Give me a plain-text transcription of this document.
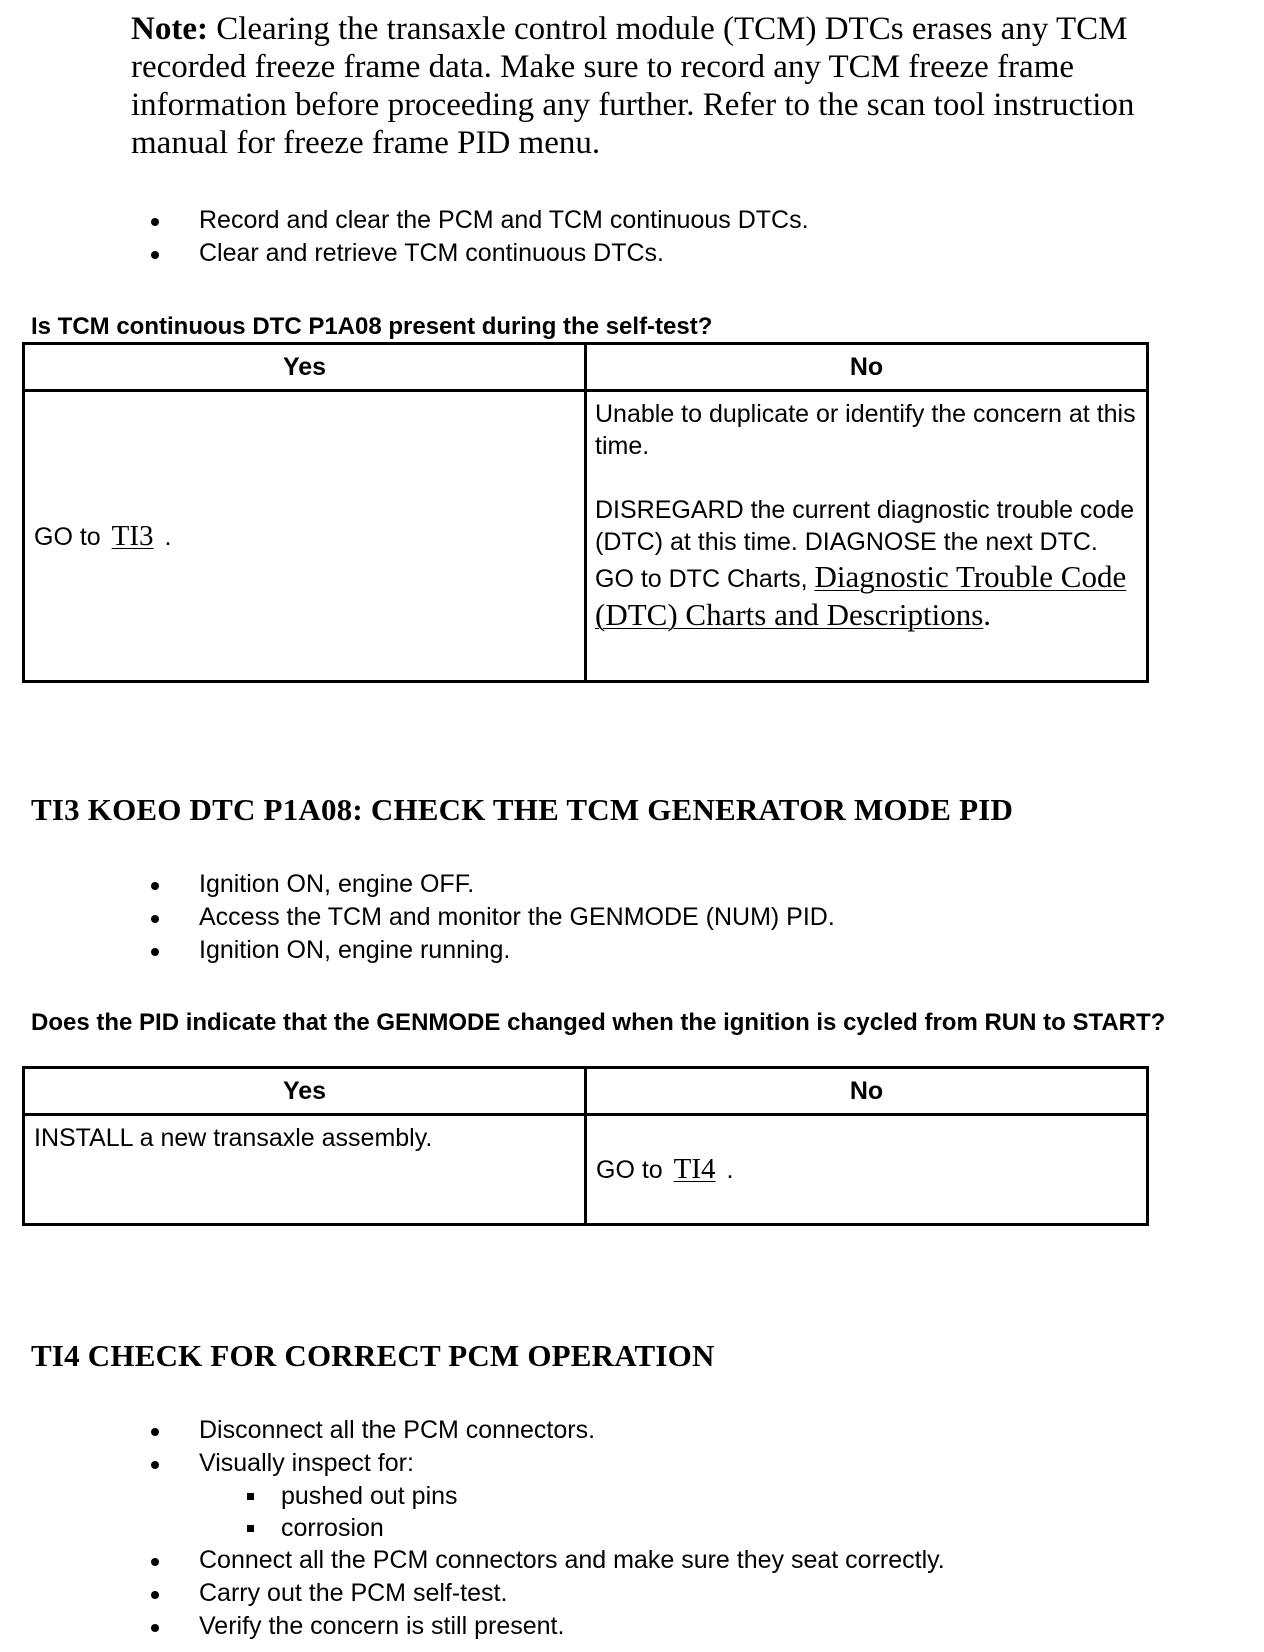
Note: Clearing the transaxle control module (TCM) DTCs erases any TCM recorded freeze frame data. Make sure to record any TCM freeze frame information before proceeding any further. Refer to the scan tool instruction manual for freeze frame PID menu.
Record and clear the PCM and TCM continuous DTCs.
Clear and retrieve TCM continuous DTCs.
Is TCM continuous DTC P1A08 present during the self-test?
Yes	No
GO to TI3 .	Unable to duplicate or identify the concern at this time.
DISREGARD the current diagnostic trouble code (DTC) at this time. DIAGNOSE the next DTC. GO to DTC Charts, Diagnostic Trouble Code (DTC) Charts and Descriptions.
TI3 KOEO DTC P1A08: CHECK THE TCM GENERATOR MODE PID
Ignition ON, engine OFF.
Access the TCM and monitor the GENMODE (NUM) PID.
Ignition ON, engine running.
Does the PID indicate that the GENMODE changed when the ignition is cycled from RUN to START?
Yes	No
INSTALL a new transaxle assembly.	GO to TI4 .
TI4 CHECK FOR CORRECT PCM OPERATION
Disconnect all the PCM connectors.
Visually inspect for:
pushed out pins
corrosion
Connect all the PCM connectors and make sure they seat correctly.
Carry out the PCM self-test.
Verify the concern is still present.
